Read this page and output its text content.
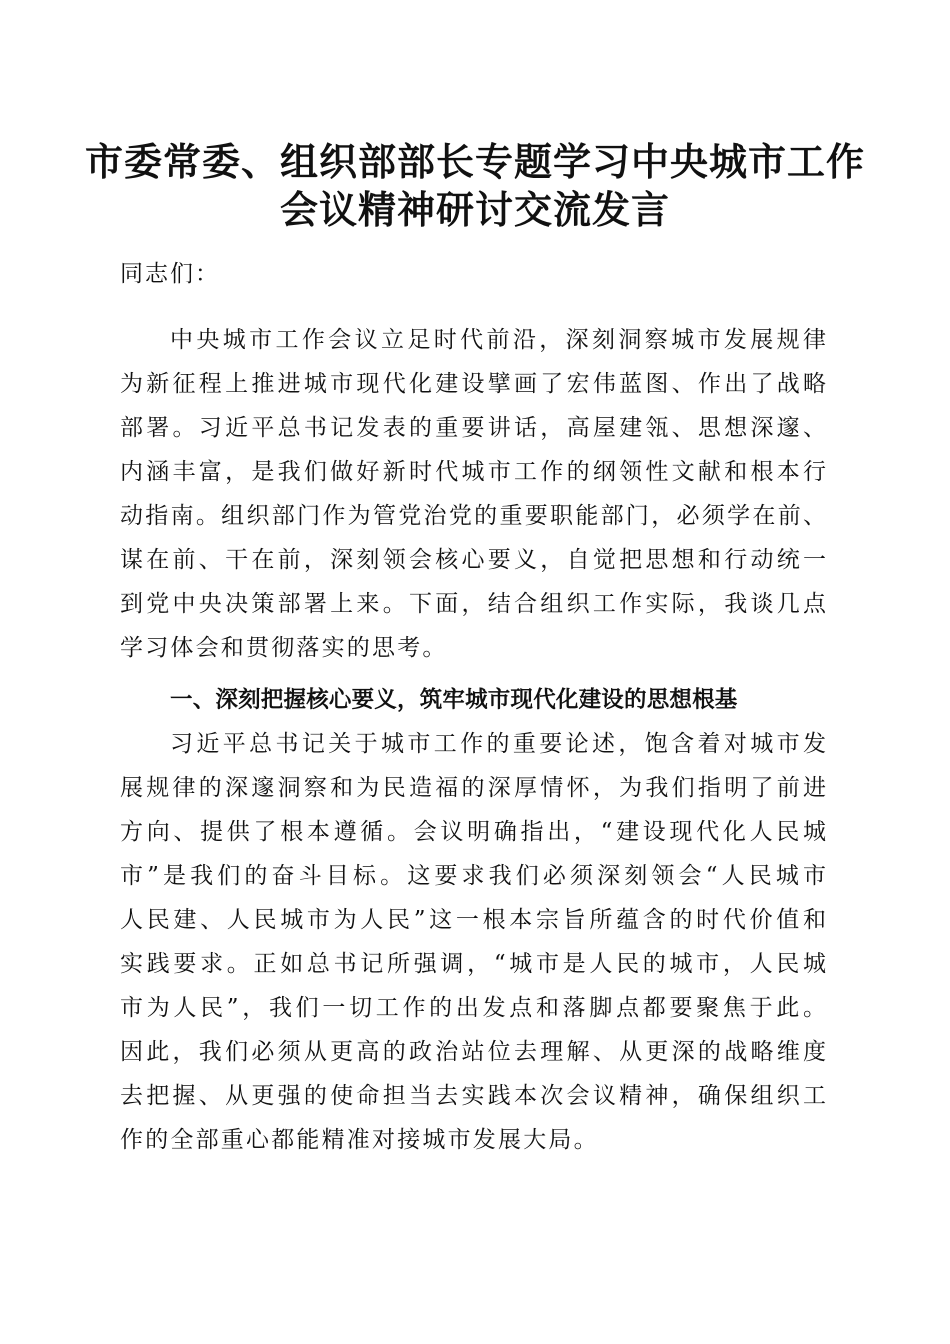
市委常委、组织部部长专题学习中央城市工作
会议精神研讨交流发言
同志们：
中央城市工作会议立足时代前沿，深刻洞察城市发展规律
为新征程上推进城市现代化建设擘画了宏伟蓝图、作出了战略
部署。习近平总书记发表的重要讲话，高屋建瓴、思想深邃、
内涵丰富，是我们做好新时代城市工作的纲领性文献和根本行
动指南。组织部门作为管党治党的重要职能部门，必须学在前、
谋在前、干在前，深刻领会核心要义，自觉把思想和行动统一
到党中央决策部署上来。下面，结合组织工作实际，我谈几点
学习体会和贯彻落实的思考。
一、深刻把握核心要义，筑牢城市现代化建设的思想根基
习近平总书记关于城市工作的重要论述，饱含着对城市发
展规律的深邃洞察和为民造福的深厚情怀，为我们指明了前进
方向、提供了根本遵循。会议明确指出，“建设现代化人民城
市”是我们的奋斗目标。这要求我们必须深刻领会“人民城市
人民建、人民城市为人民”这一根本宗旨所蕴含的时代价值和
实践要求。正如总书记所强调，“城市是人民的城市，人民城
市为人民”，我们一切工作的出发点和落脚点都要聚焦于此。
因此，我们必须从更高的政治站位去理解、从更深的战略维度
去把握、从更强的使命担当去实践本次会议精神，确保组织工
作的全部重心都能精准对接城市发展大局。
